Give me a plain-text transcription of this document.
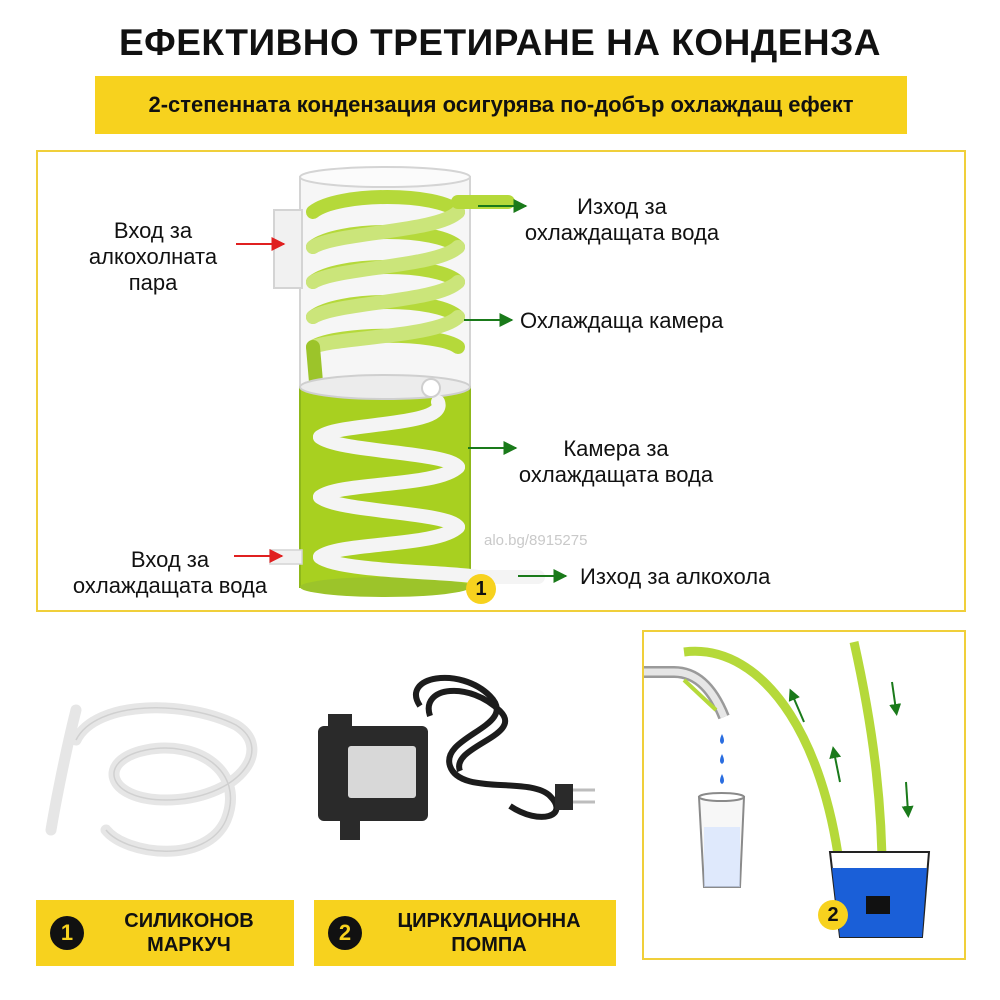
ЕФЕКТИВНО ТРЕТИРАНЕ НА КОНДЕНЗА
2-степенната кондензация осигурява по-добър охлаждащ ефект
Вход за
алкохолната
пара
Изход за
охлаждащата вода
Охлаждаща камера
Камера за
охлаждащата вода
Вход за
охлаждащата вода	Изход за алкохола
alo.bg/8915275
1
2
1	СИЛИКОНОВ
МАРКУЧ	2	ЦИРКУЛАЦИОННА
ПОМПА
